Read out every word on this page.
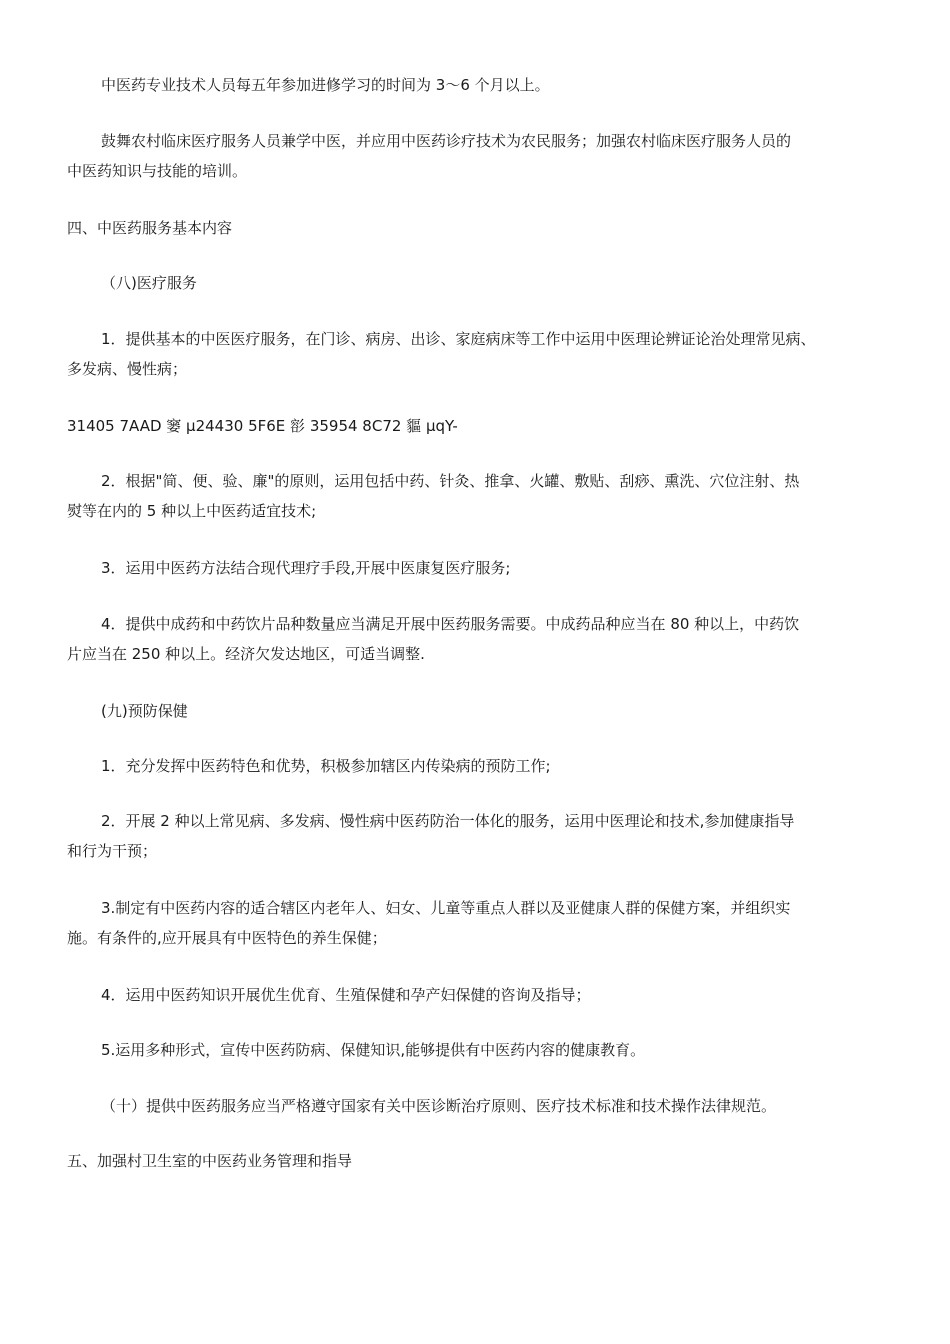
中医药专业技术人员每五年参加进修学习的时间为 3～6 个月以上。
鼓舞农村临床医疗服务人员兼学中医，并应用中医药诊疗技术为农民服务；加强农村临床医疗服务人员的
中医药知识与技能的培训。
四、中医药服务基本内容
（八)医疗服务
1．提供基本的中医医疗服务，在门诊、病房、出诊、家庭病床等工作中运用中医理论辨证论治处理常见病、
多发病、慢性病；
31405 7AAD 窭 μ24430 5F6E 彮 35954 8C72 貙 μqY-
2．根据"简、便、验、廉"的原则，运用包括中药、针灸、推拿、火罐、敷贴、刮痧、熏洗、穴位注射、热
熨等在内的 5 种以上中医药适宜技术;
3．运用中医药方法结合现代理疗手段,开展中医康复医疗服务;
4．提供中成药和中药饮片品种数量应当满足开展中医药服务需要。中成药品种应当在 80 种以上，中药饮
片应当在 250 种以上。经济欠发达地区，可适当调整.
(九)预防保健
1．充分发挥中医药特色和优势，积极参加辖区内传染病的预防工作;
2．开展 2 种以上常见病、多发病、慢性病中医药防治一体化的服务，运用中医理论和技术,参加健康指导
和行为干预；
3.制定有中医药内容的适合辖区内老年人、妇女、儿童等重点人群以及亚健康人群的保健方案，并组织实
施。有条件的,应开展具有中医特色的养生保健；
4．运用中医药知识开展优生优育、生殖保健和孕产妇保健的咨询及指导；
5.运用多种形式，宣传中医药防病、保健知识,能够提供有中医药内容的健康教育。
（十）提供中医药服务应当严格遵守国家有关中医诊断治疗原则、医疗技术标准和技术操作法律规范。
五、加强村卫生室的中医药业务管理和指导
